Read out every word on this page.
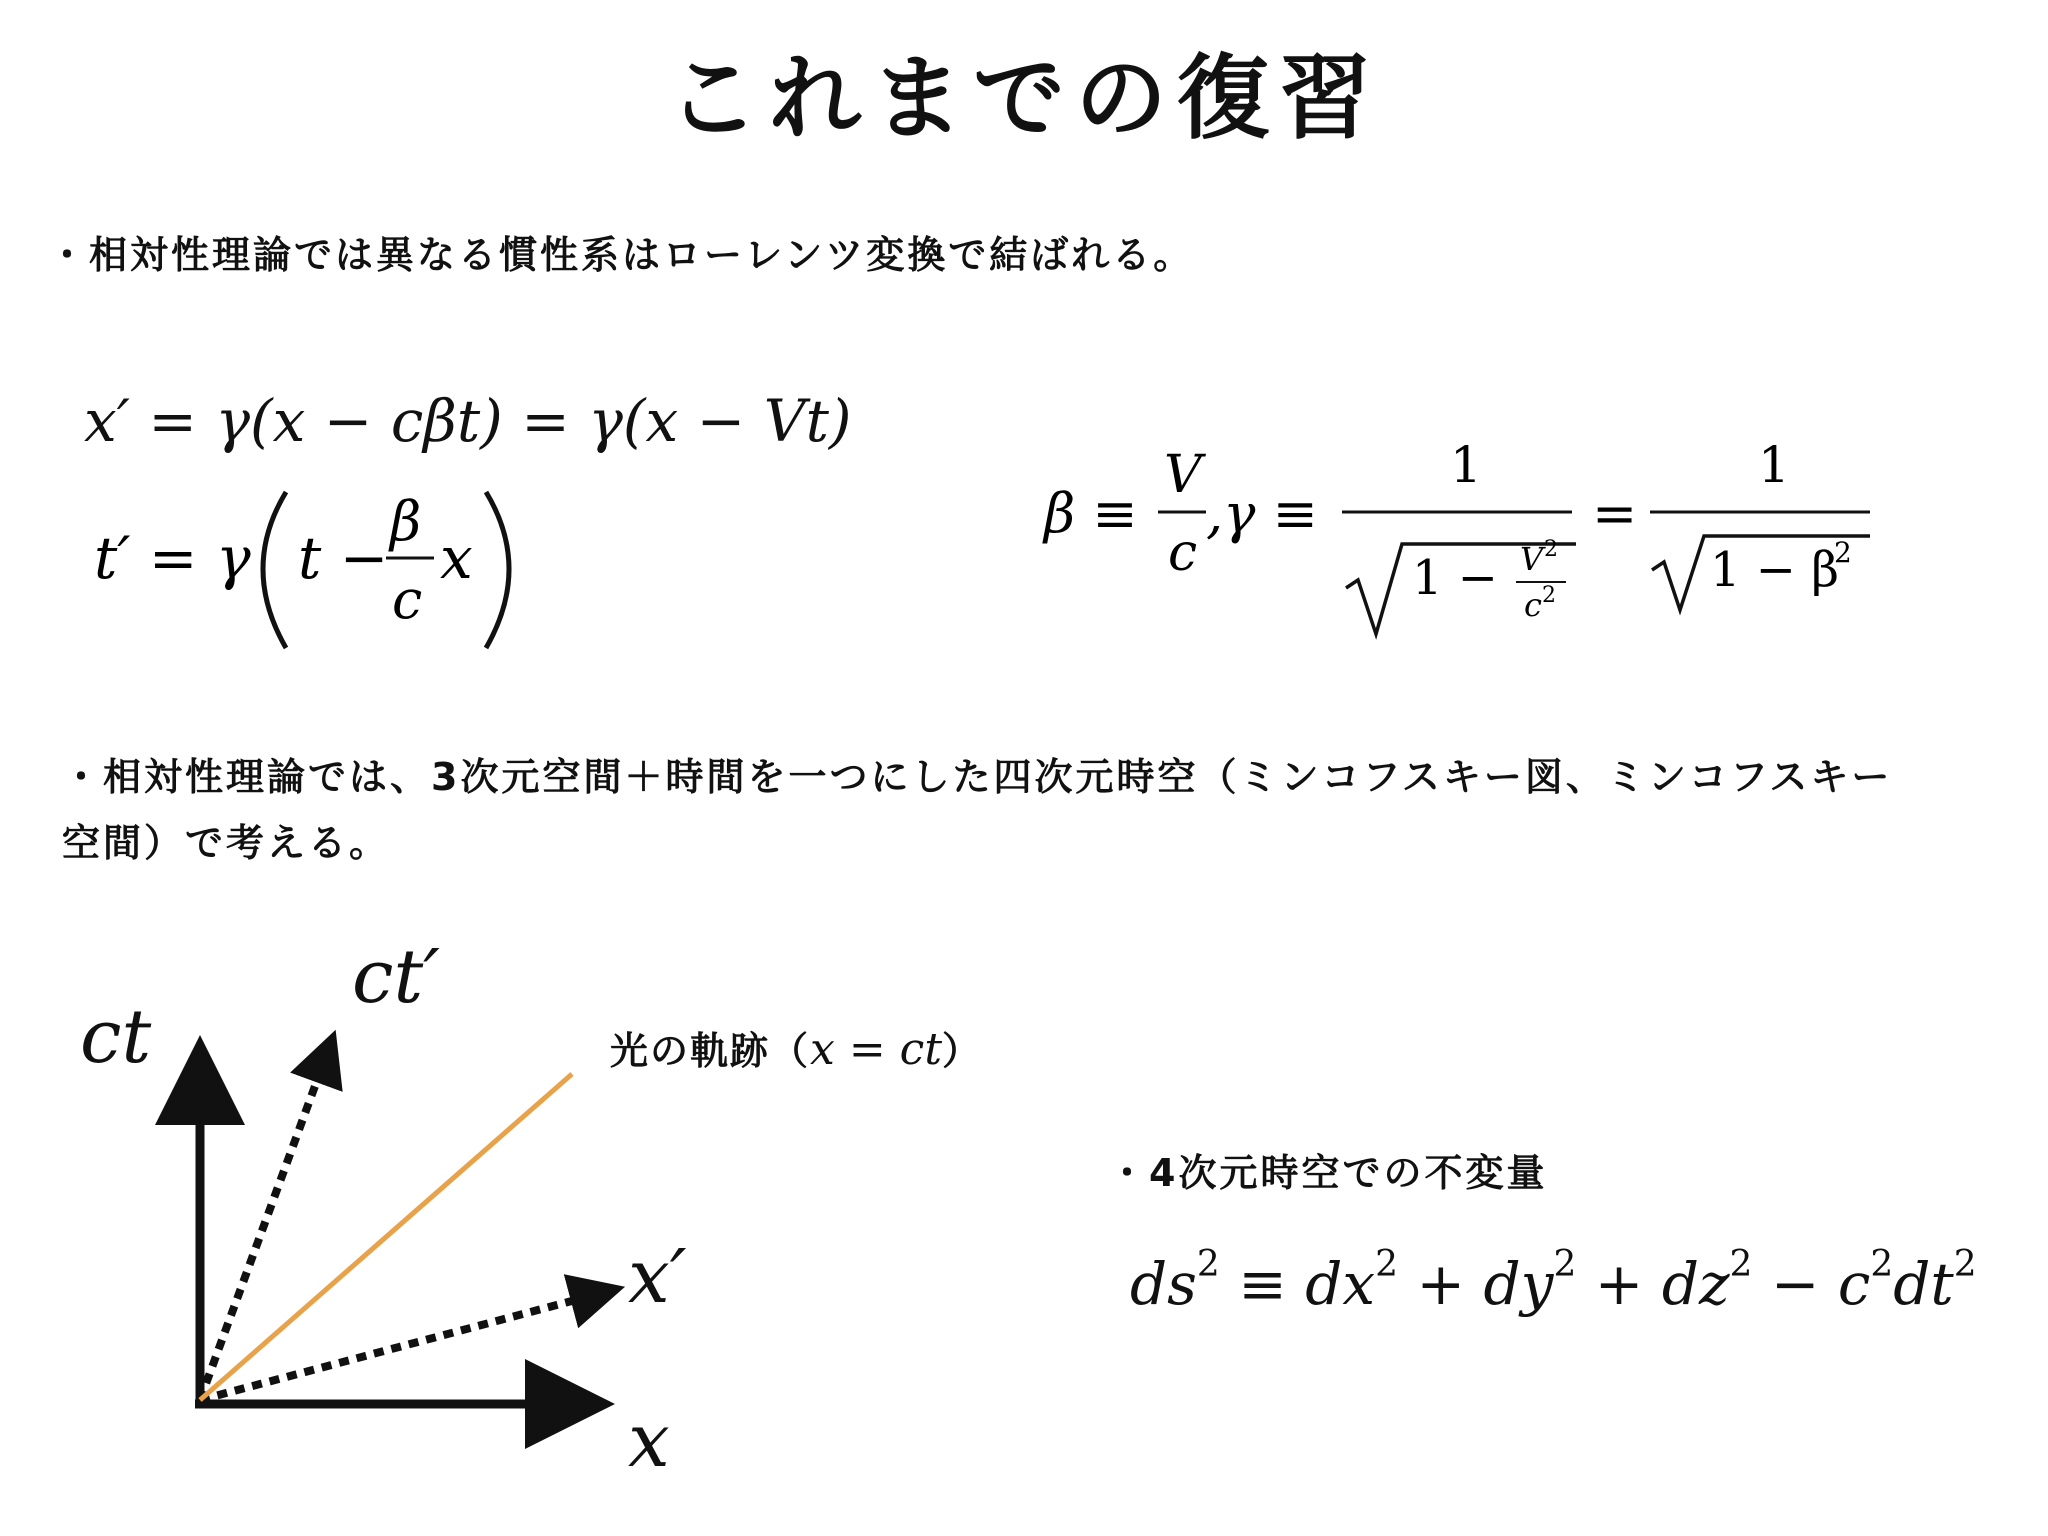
これまでの復習
・相対性理論では異なる慣性系はローレンツ変換で結ばれる。
x′ = γ(x − cβt) = γ(x − Vt)
t′ = γ t −
β
c
x
β ≡
V
c
,γ ≡
1
1 − V 2
c 2
=
1
1 − β
2
・相対性理論では、3次元空間＋時間を一つにした四次元時空（ミンコフスキー図、ミンコフスキー
空間）で考える。
ct
ct′
x′
x
光の軌跡（x = ct）
・4次元時空での不変量
$ds^2 \equiv dx^2 + dy^2 + dz^2 - c^2dt^2$
